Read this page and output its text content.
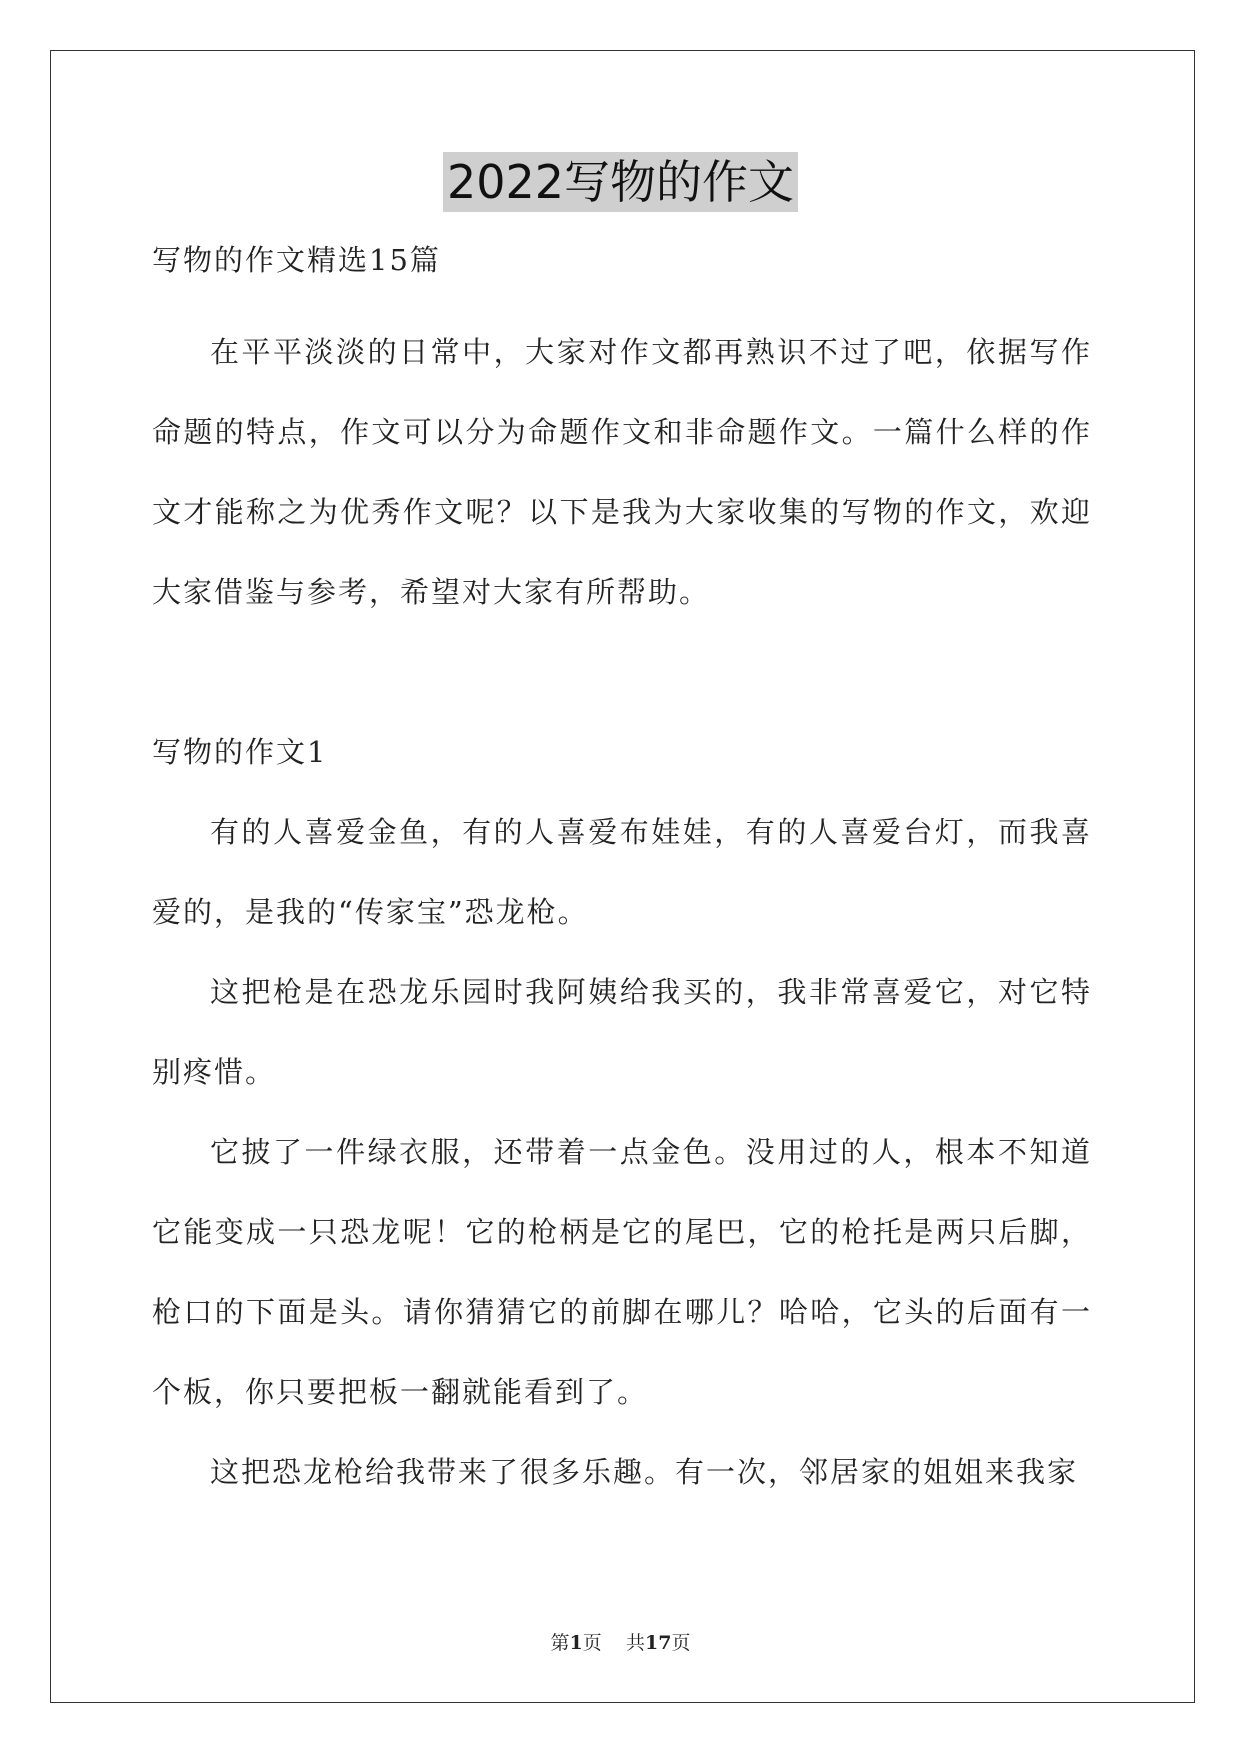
2022写物的作文
写物的作文精选15篇

在平平淡淡的日常中，大家对作文都再熟识不过了吧，依据写作命题的特点，作文可以分为命题作文和非命题作文。一篇什么样的作文才能称之为优秀作文呢？以下是我为大家收集的写物的作文，欢迎大家借鉴与参考，希望对大家有所帮助。

写物的作文1

有的人喜爱金鱼，有的人喜爱布娃娃，有的人喜爱台灯，而我喜爱的，是我的“传家宝”恐龙枪。

这把枪是在恐龙乐园时我阿姨给我买的，我非常喜爱它，对它特别疼惜。

它披了一件绿衣服，还带着一点金色。没用过的人，根本不知道它能变成一只恐龙呢！它的枪柄是它的尾巴，它的枪托是两只后脚，枪口的下面是头。请你猜猜它的前脚在哪儿？哈哈，它头的后面有一个板，你只要把板一翻就能看到了。

这把恐龙枪给我带来了很多乐趣。有一次，邻居家的姐姐来我家

第1页 共17页
